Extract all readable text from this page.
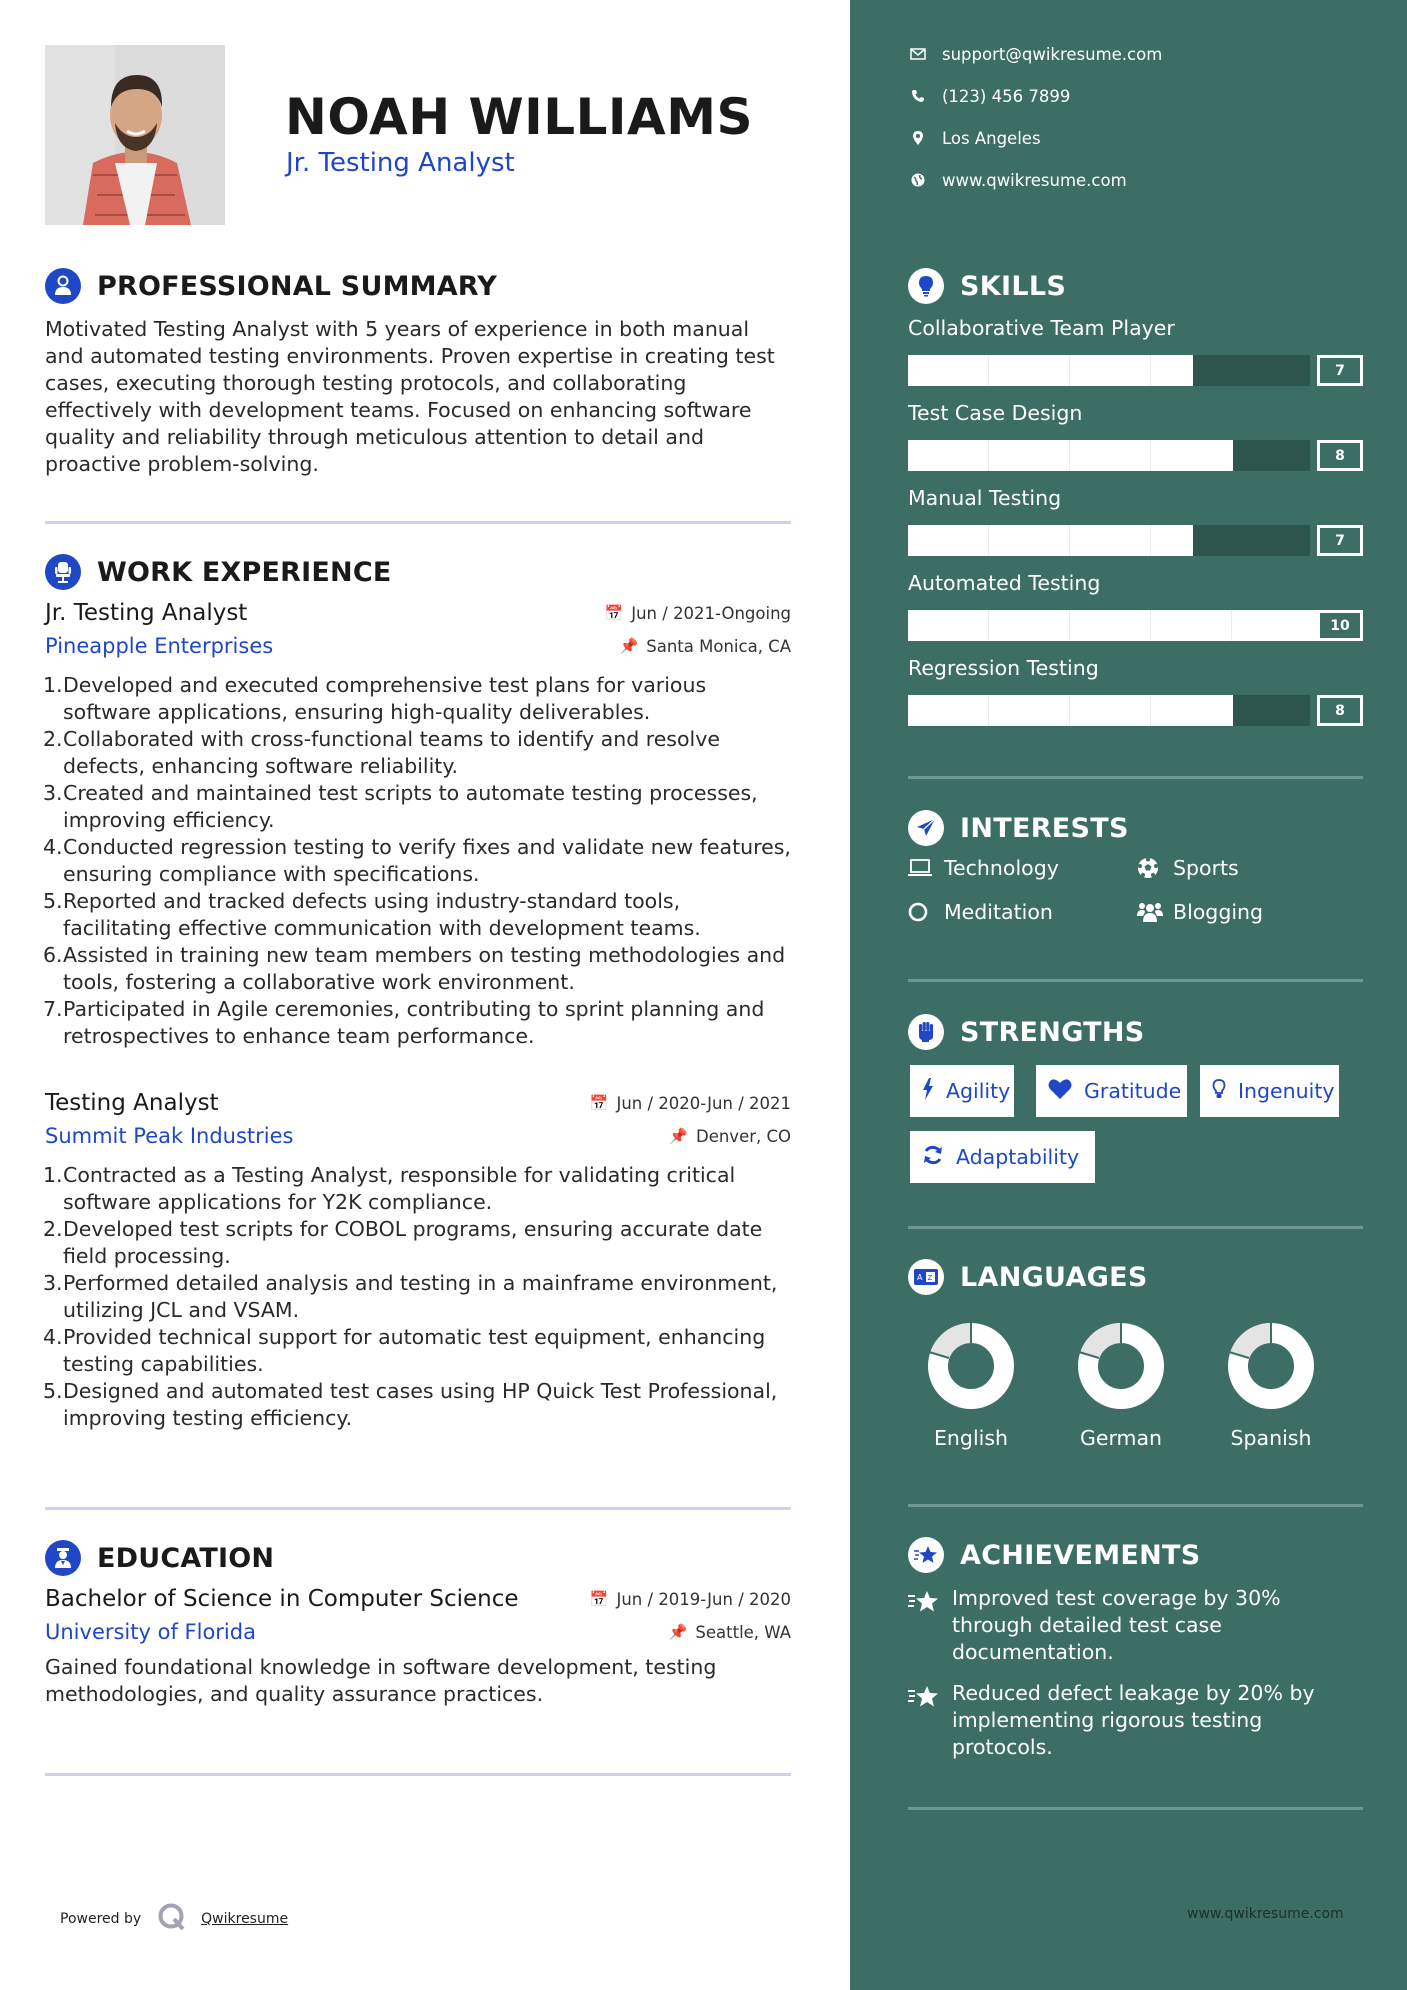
NOAH WILLIAMS
Jr. Testing Analyst
PROFESSIONAL SUMMARY
Motivated Testing Analyst with 5 years of experience in both manual and automated testing environments. Proven expertise in creating test cases, executing thorough testing protocols, and collaborating effectively with development teams. Focused on enhancing software quality and reliability through meticulous attention to detail and proactive problem-solving.
WORK EXPERIENCE
Jr. Testing Analyst	📅 Jun / 2021-Ongoing
Pineapple Enterprises	📌 Santa Monica, CA
1. Developed and executed comprehensive test plans for various software applications, ensuring high-quality deliverables.
2. Collaborated with cross-functional teams to identify and resolve defects, enhancing software reliability.
3. Created and maintained test scripts to automate testing processes, improving efficiency.
4. Conducted regression testing to verify fixes and validate new features, ensuring compliance with specifications.
5. Reported and tracked defects using industry-standard tools, facilitating effective communication with development teams.
6. Assisted in training new team members on testing methodologies and tools, fostering a collaborative work environment.
7. Participated in Agile ceremonies, contributing to sprint planning and retrospectives to enhance team performance.
Testing Analyst	📅 Jun / 2020-Jun / 2021
Summit Peak Industries	📌 Denver, CO
1. Contracted as a Testing Analyst, responsible for validating critical software applications for Y2K compliance.
2. Developed test scripts for COBOL programs, ensuring accurate date field processing.
3. Performed detailed analysis and testing in a mainframe environment, utilizing JCL and VSAM.
4. Provided technical support for automatic test equipment, enhancing testing capabilities.
5. Designed and automated test cases using HP Quick Test Professional, improving testing efficiency.
EDUCATION
Bachelor of Science in Computer Science	📅 Jun / 2019-Jun / 2020
University of Florida	📌 Seattle, WA
Gained foundational knowledge in software development, testing methodologies, and quality assurance practices.
Powered by	Qwikresume
support@qwikresume.com
(123) 456 7899
Los Angeles
www.qwikresume.com
SKILLS
Collaborative Team Player
7
Test Case Design
8
Manual Testing
7
Automated Testing
10
Regression Testing
8
INTERESTS
Technology	Sports
Meditation	Blogging
STRENGTHS
Agility	Gratitude	Ingenuity
Adaptability
A Z LANGUAGES
English	German	Spanish
ACHIEVEMENTS
Improved test coverage by 30% through detailed test case documentation.
Reduced defect leakage by 20% by implementing rigorous testing protocols.
www.qwikresume.com
